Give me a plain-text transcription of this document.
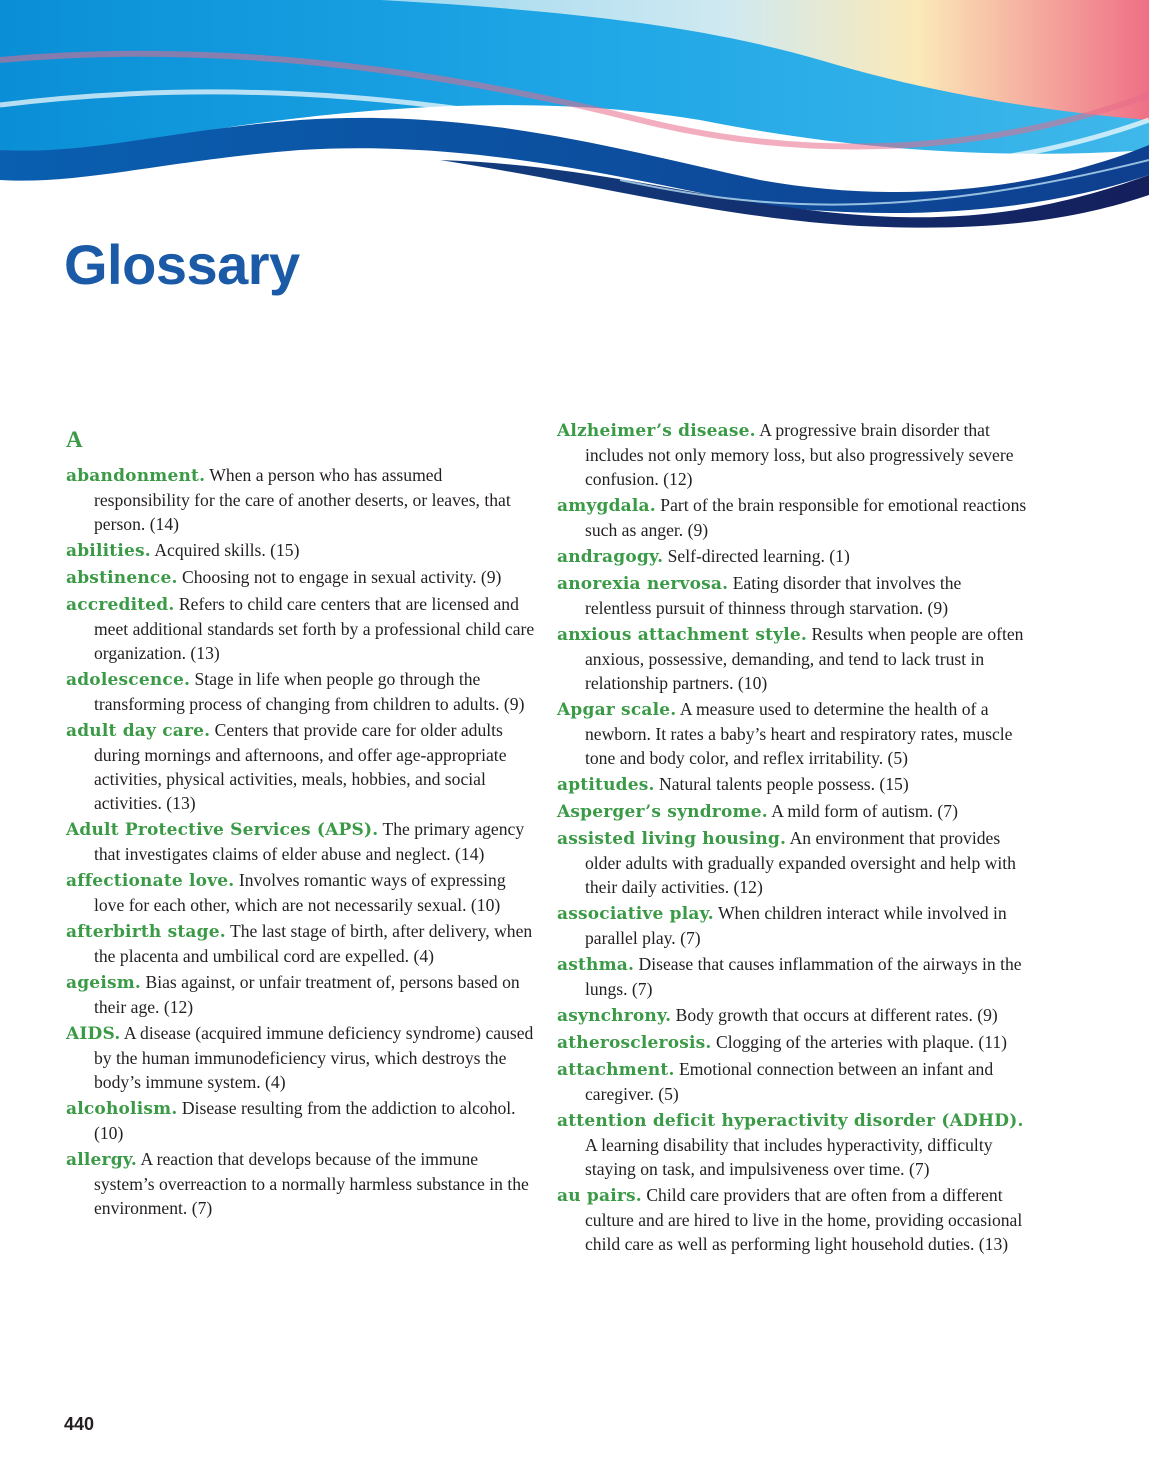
Glossary
A

abandonment. When a person who has assumed responsibility for the care of another deserts, or leaves, that person. (14)

abilities. Acquired skills. (15)

abstinence. Choosing not to engage in sexual activity. (9)

accredited. Refers to child care centers that are licensed and meet additional standards set forth by a professional child care organization. (13)

adolescence. Stage in life when people go through the transforming process of changing from children to adults. (9)

adult day care. Centers that provide care for older adults during mornings and afternoons, and offer age-appropriate activities, physical activities, meals, hobbies, and social activities. (13)

Adult Protective Services (APS). The primary agency that investigates claims of elder abuse and neglect. (14)

affectionate love. Involves romantic ways of expressing love for each other, which are not necessarily sexual. (10)

afterbirth stage. The last stage of birth, after delivery, when the placenta and umbilical cord are expelled. (4)

ageism. Bias against, or unfair treatment of, persons based on their age. (12)

AIDS. A disease (acquired immune deficiency syndrome) caused by the human immunodeficiency virus, which destroys the body’s immune system. (4)

alcoholism. Disease resulting from the addiction to alcohol. (10)

allergy. A reaction that develops because of the immune system’s overreaction to a normally harmless substance in the environment. (7)

Alzheimer’s disease. A progressive brain disorder that includes not only memory loss, but also progressively severe confusion. (12)

amygdala. Part of the brain responsible for emotional reactions such as anger. (9)

andragogy. Self-directed learning. (1)

anorexia nervosa. Eating disorder that involves the relentless pursuit of thinness through starvation. (9)

anxious attachment style. Results when people are often anxious, possessive, demanding, and tend to lack trust in relationship partners. (10)

Apgar scale. A measure used to determine the health of a newborn. It rates a baby’s heart and respiratory rates, muscle tone and body color, and reflex irritability. (5)

aptitudes. Natural talents people possess. (15)

Asperger’s syndrome. A mild form of autism. (7)

assisted living housing. An environment that provides older adults with gradually expanded oversight and help with their daily activities. (12)

associative play. When children interact while involved in parallel play. (7)

asthma. Disease that causes inflammation of the airways in the lungs. (7)

asynchrony. Body growth that occurs at different rates. (9)

atherosclerosis. Clogging of the arteries with plaque. (11)

attachment. Emotional connection between an infant and caregiver. (5)

attention deficit hyperactivity disorder (ADHD). A learning disability that includes hyperactivity, difficulty staying on task, and impulsiveness over time. (7)

au pairs. Child care providers that are often from a different culture and are hired to live in the home, providing occasional child care as well as performing light household duties. (13)

440
